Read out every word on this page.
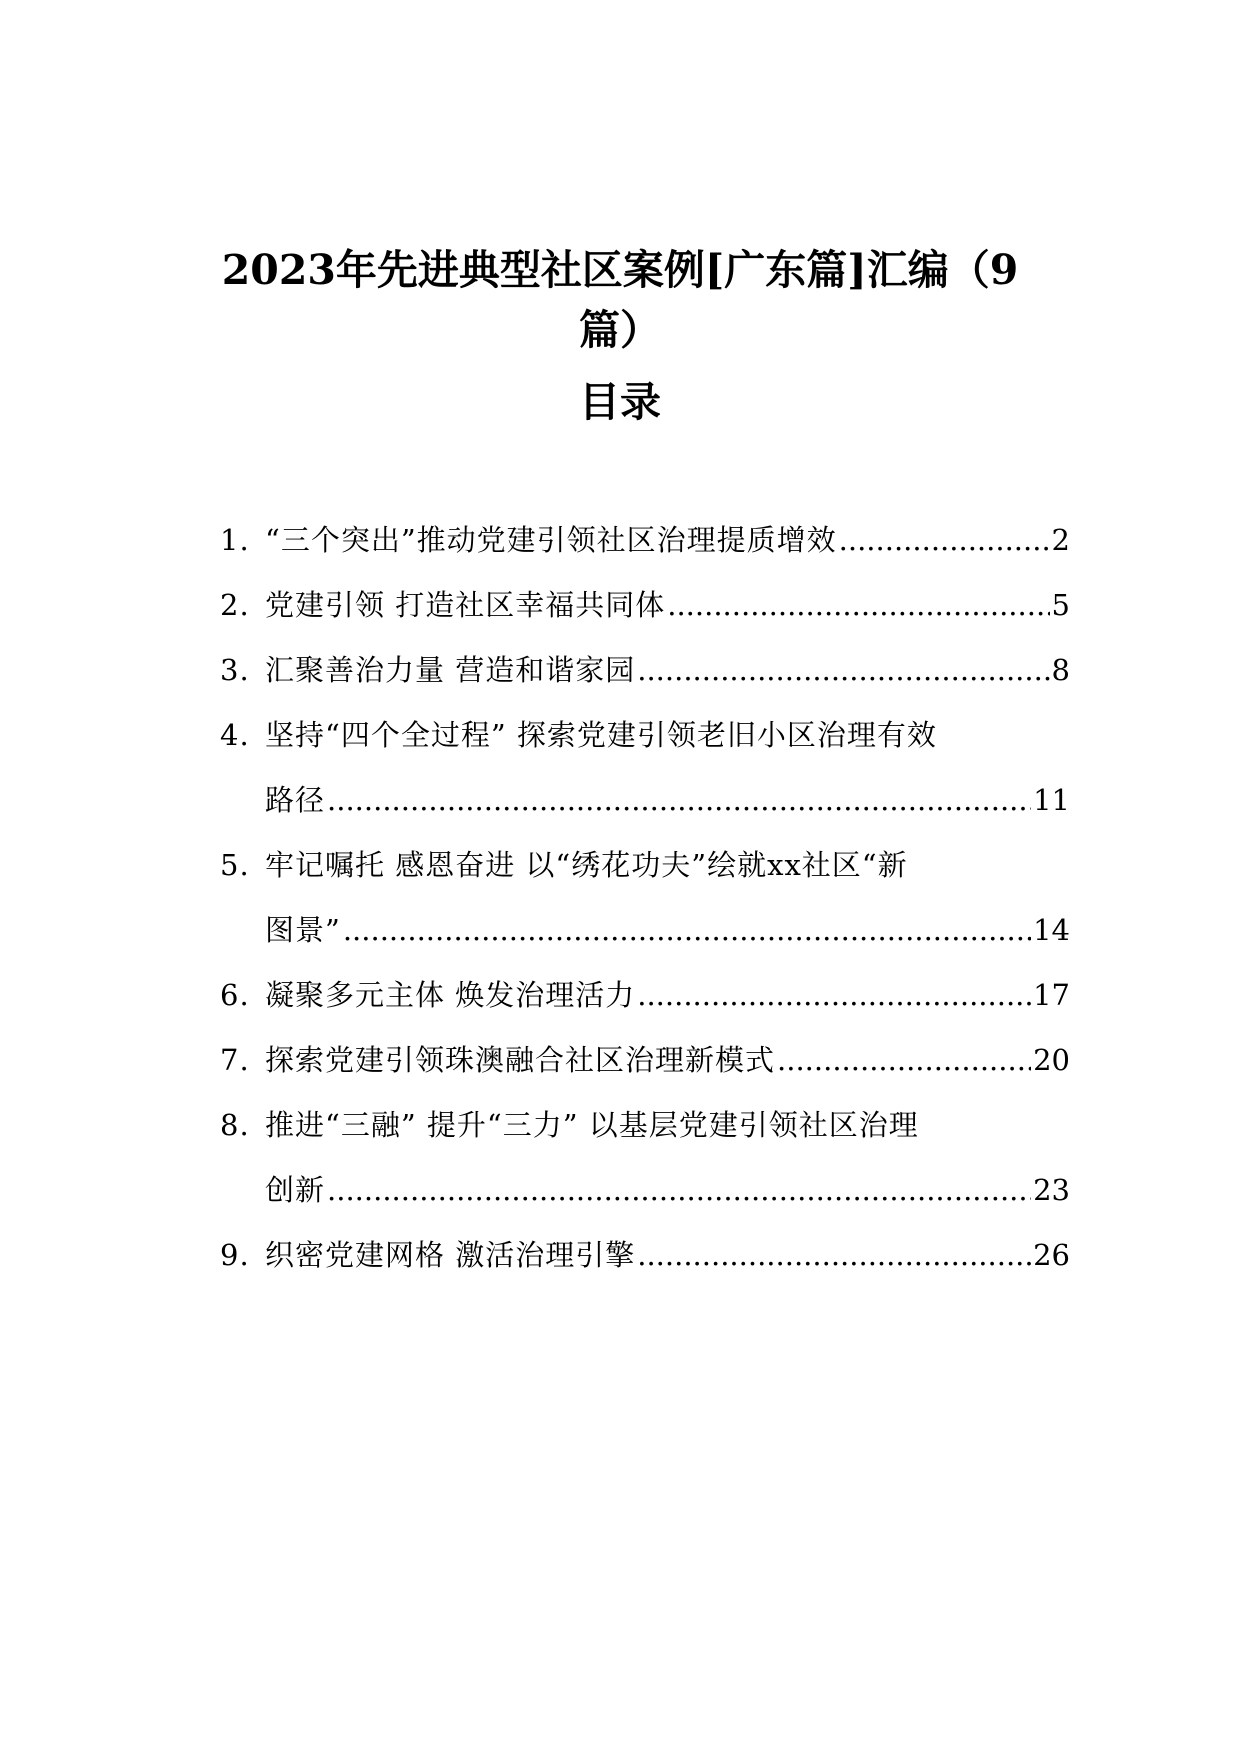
2023年先进典型社区案例[广东篇]汇编（9
篇）
目录
1. “三个突出”推动党建引领社区治理提质增效 .....	2
2. 党建引领 打造社区幸福共同体 .....	5
3. 汇聚善治力量 营造和谐家园 .....	8
4. 坚持“四个全过程” 探索党建引领老旧小区治理有效
路径 .....	11
5. 牢记嘱托 感恩奋进 以“绣花功夫”绘就xx社区“新
图景” .....	14
6. 凝聚多元主体 焕发治理活力 .....	17
7. 探索党建引领珠澳融合社区治理新模式 .....	20
8. 推进“三融” 提升“三力” 以基层党建引领社区治理
创新 .....	23
9. 织密党建网格 激活治理引擎 .....	26
